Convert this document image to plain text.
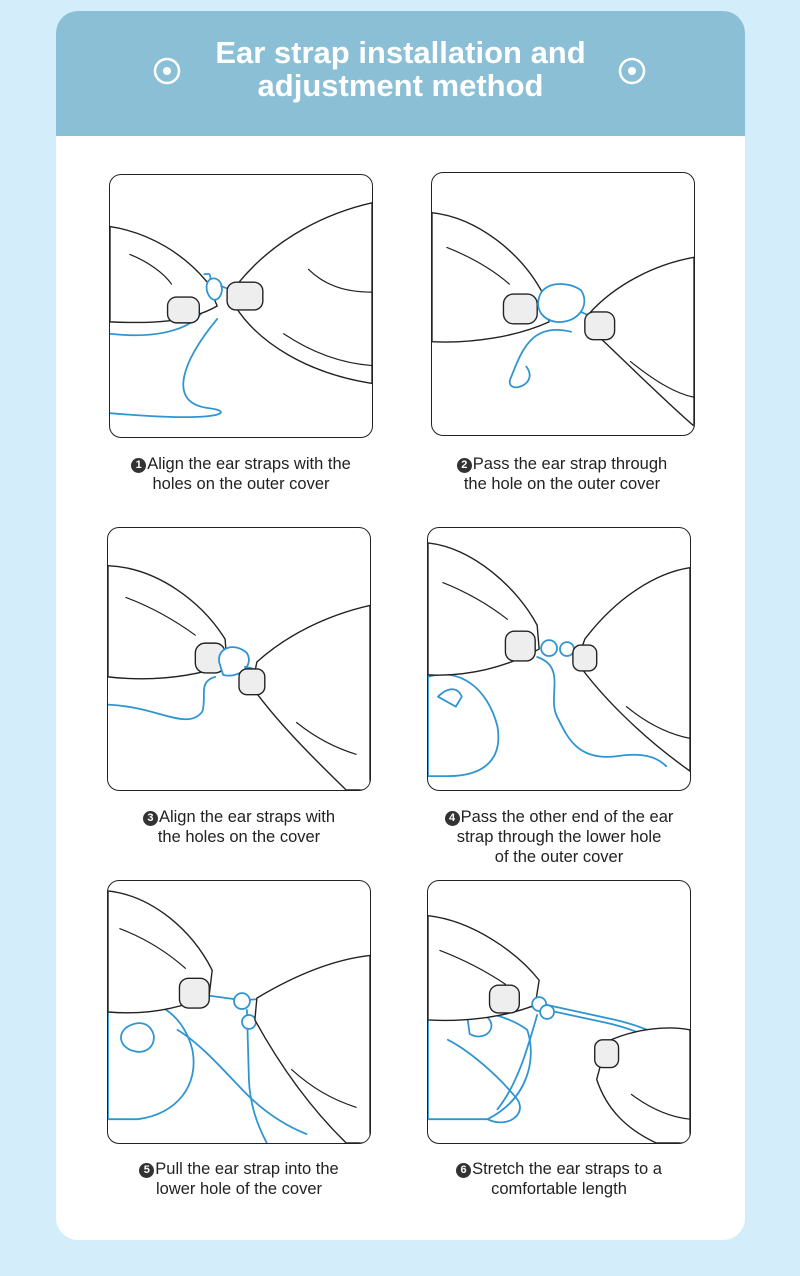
Ear strap installation and
adjustment method
1 Align the ear straps with the
holes on the outer cover
2 Pass the ear strap through
the hole on the outer cover
3 Align the ear straps with
the holes on the cover
4 Pass the other end of the ear
strap through the lower hole
of the outer cover
5 Pull the ear strap into the
lower hole of the cover
6 Stretch the ear straps to a
comfortable length
